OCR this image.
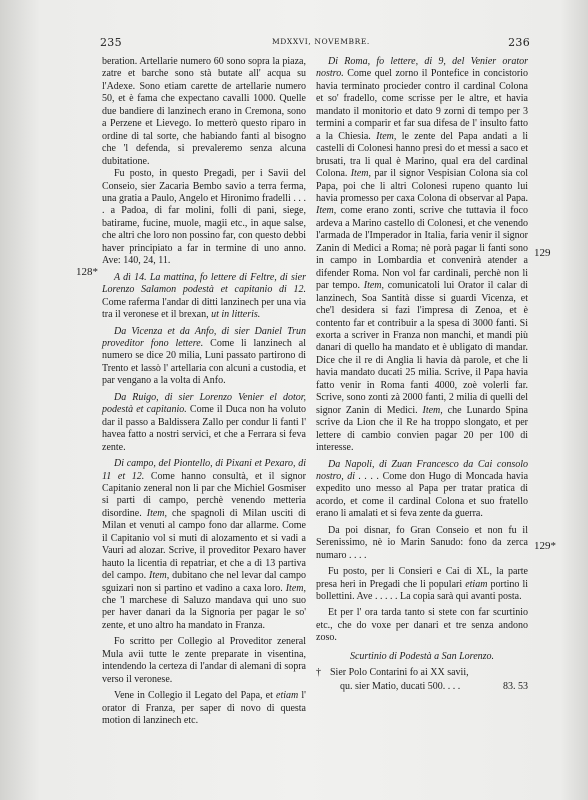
235	MDXXVI, NOVEMBRE.	236
128*
129
129*

beration. Artellarie numero 60 sono sopra la piaza, zatre et barche sono stà butate all' acqua su l'Adexe. Sono etiam carette de artellarie numero 50, et è fama che expectano cavalli 1000. Quelle due bandiere di lanzinech erano in Cremona, sono a Perzene et Lievego. Io metterò questo riparo in ordine di tal sorte, che habiando fanti al bisogno che 'l defenda, si prevaleremo senza alcuna dubitatione.

Fu posto, in questo Pregadi, per i Savii del Conseio, sier Zacaria Bembo savio a terra ferma, una gratia a Paulo, Angelo et Hironimo fradelli . . . . a Padoa, di far molini, folli di pani, siege, batirame, fucine, muole, magii etc., in aque salse, che altri che loro non possino far, con questo debbi haver principiato a far in termine di uno anno. Ave: 140, 24, 11.

A dì 14. La mattina, fo lettere di Feltre, di sier Lorenzo Salamon podestà et capitanio di 12. Come raferma l'andar di ditti lanzinech per una via tra il veronese et il brexan, ut in litteris.

Da Vicenza et da Anfo, di sier Daniel Trun proveditor fono lettere. Come li lanzinech al numero se dice 20 milia, Luni passato partirono di Trento et lassò l' artellaria con alcuni a custodia, et par vengano a la volta di Anfo.

Da Ruigo, di sier Lorenzo Venier el dotor, podestà et capitanio. Come il Duca non ha voluto dar il passo a Baldissera Zallo per condur li fanti l' havea fatto a nostri servici, et che a Ferrara si feva zente.

Di campo, del Piontello, di Pixani et Pexaro, di 11 et 12. Come hanno consultà, et il signor Capitanio zeneral non li par che Michiel Gosmiser si parti di campo, perchè venendo metteria disordine. Item, che spagnoli di Milan usciti di Milan et venuti al campo fono dar allarme. Come il Capitanio vol si muti di alozamento et si vadi a Vauri ad alozar. Scrive, il proveditor Pexaro haver hauto la licentia di repatriar, et che a dì 13 partiva del campo. Item, dubitano che nel levar dal campo sguizari non si partino et vadino a caxa loro. Item, che 'l marchese di Saluzo mandava qui uno suo per haver danari da la Signoria per pagar le so' zente, et uno altro ha mandato in Franza.

Fo scritto per Collegio al Proveditor zeneral Mula avii tutte le zente preparate in visentina, intendendo la certeza di l'andar di alemani di sopra verso il veronese.

Vene in Collegio il Legato del Papa, et etiam l' orator di Franza, per saper di novo di questa motion di lanzinech etc.

Di Roma, fo lettere, di 9, del Venier orator nostro. Come quel zorno il Pontefice in concistorio havia terminato procieder contro il cardinal Colona et so' fradello, come scrisse per le altre, et havia mandato il monitorio et dato 9 zorni di tempo per 3 termini a comparir et far sua difesa de l' insulto fatto a la Chiesia. Item, le zente del Papa andati a li castelli di Colonesi hanno presi do et messi a saco et brusati, tra li qual è Marino, qual era del cardinal Colona. Item, par il signor Vespisian Colona sia col Papa, poi che li altri Colonesi rupeno quanto lui havia promesso per caxa Colona di observar al Papa. Item, come erano zonti, scrive che tuttavia il foco ardeva a Marino castello di Colonesi, et che venendo l'armada de l'Imperador in Italia, faria venir il signor Zanin di Medici a Roma; nè porà pagar li fanti sono in campo in Lombardia et convenirà atender a difender Roma. Non vol far cardinali, perchè non li par tempo. Item, comunicatoli lui Orator il calar di lanzinech, Soa Santità disse si guardi Vicenza, et che'l desidera si fazi l'impresa di Zenoa, et è contento far et contribuir a la spesa di 3000 fanti. Si exorta a scriver in Franza non manchi, et mandi più danari di quello ha mandato et è ubligato di mandar. Dice che il re di Anglia li havia dà parole, et che li havia mandato ducati 25 milia. Scrive, il Papa havia fatto venir in Roma fanti 4000, zoè volerli far. Scrive, sono zonti zà 2000 fanti, 2 milia di quelli del signor Zanin di Medici. Item, che Lunardo Spina scrive da Lion che il Re ha troppo slongato, et per lettere di cambio convien pagar 20 per 100 di interesse.

Da Napoli, di Zuan Francesco da Cai consolo nostro, di . . . . Come don Hugo di Moncada havia expedito uno messo al Papa per tratar pratica di acordo, et come il cardinal Colona et suo fratello erano li amalati et si feva zente da guerra.

Da poi disnar, fo Gran Conseio et non fu il Serenissimo, nè io Marin Sanudo: fono da zerca numaro . . . .

Fu posto, per li Consieri e Cai di XL, la parte presa heri in Pregadi che li populari etiam portino li bollettini. Ave . . . . . La copia sarà qui avanti posta.

Et per l' ora tarda tanto si stete con far scurtinio etc., che do voxe per danari et tre senza andono zoso.

Scurtinio di Podestà a San Lorenzo.

† Sier Polo Contarini fo ai XX savii,

qu. sier Matio, ducati 500. . . .	83. 53
